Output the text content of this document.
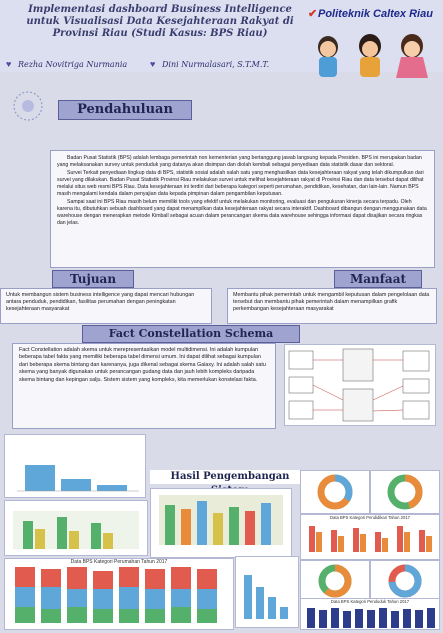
Implementasi dashboard Business Intelligence untuk Visualisasi Data Kesejahteraan Rakyat di Provinsi Riau (Studi Kasus: BPS Riau)
✔ Politeknik Caltex Riau
♥ Rezha Novitriga Nurmania	♥ Dini Nurmalasari, S.T.M.T.
Pendahuluan
Badan Pusat Statistik (BPS) adalah lembaga pemerintah non kementerian yang bertanggung jawab langsung kepada Presiden. BPS ini merupakan badan yang melaksanakan survey untuk penduduk yang datanya akan disimpan dan diolah kembali sebagai penyediaan data statistik dasar dan sektoral.
Survei Terkait penyediaan lingkup data di BPS, statistik sosial adalah salah satu yang menghasilkan data kesejahteraan rakyat yang telah dikumpulkan dari survei yang dilakukan. Badan Pusat Statistik Provinsi Riau melakukan survei untuk melihat kesejahteraan rakyat di Provinsi Riau dan data tersebut dapat dilihat melalui situs web resmi BPS Riau. Data kesejahteraan ini terdiri dari beberapa kategori seperti perumahan, pendidikan, kesehatan, dan lain-lain. Namun BPS masih mengalami kendala dalam penyajian data kepada pimpinan dalam pengambilan keputusan.
Sampai saat ini BPS Riau masih belum memiliki tools yang efektif untuk melakukan monitoring, evaluasi dan pengukuran kinerja secara terpadu. Oleh karena itu, dibutuhkan sebuah dashboard yang dapat menampilkan data kesejahteraan rakyat secara interaktif. Dashboard dibangun dengan menggunakan data warehouse dengan menerapkan metode Kimball sebagai acuan dalam perancangan skema data warehouse sehingga informasi dapat disajikan secara ringkas dan jelas.
Tujuan
Untuk membangun sistem business intelligence yang dapat mencari hubungan antara penduduk, pendidikan, fasilitas perumahan dengan peningkatan kesejahteraan masyarakat
Manfaat
Membantu pihak pemerintah untuk mengambil keputusan dalam pengelolaan data tersebut dan membantu pihak pemerintah dalam menampilkan grafik perkembangan kesejahteraan masyarakat
Fact Constellation Schema
Fact Constellation adalah skema untuk merepresentasikan model multidimensi. Ini adalah kumpulan beberapa tabel fakta yang memiliki beberapa tabel dimensi umum. Ini dapat dilihat sebagai kumpulan dari beberapa skema bintang dan karenanya, juga dikenal sebagai skema Galaxy. Ini adalah salah satu skema yang banyak digunakan untuk perancangan gudang data dan jauh lebih kompleks daripada skema bintang dan kepingan salju. Sistem sistem yang kompleks, kita memerlukan konstelasi fakta.
Hasil Pengembangan
Data BPS Kategori Pendidikan Tahun 2017
Data BPS Kategori Penduduk Tahun 2017
Data BPS Kategori Perumahan Tahun 2017
